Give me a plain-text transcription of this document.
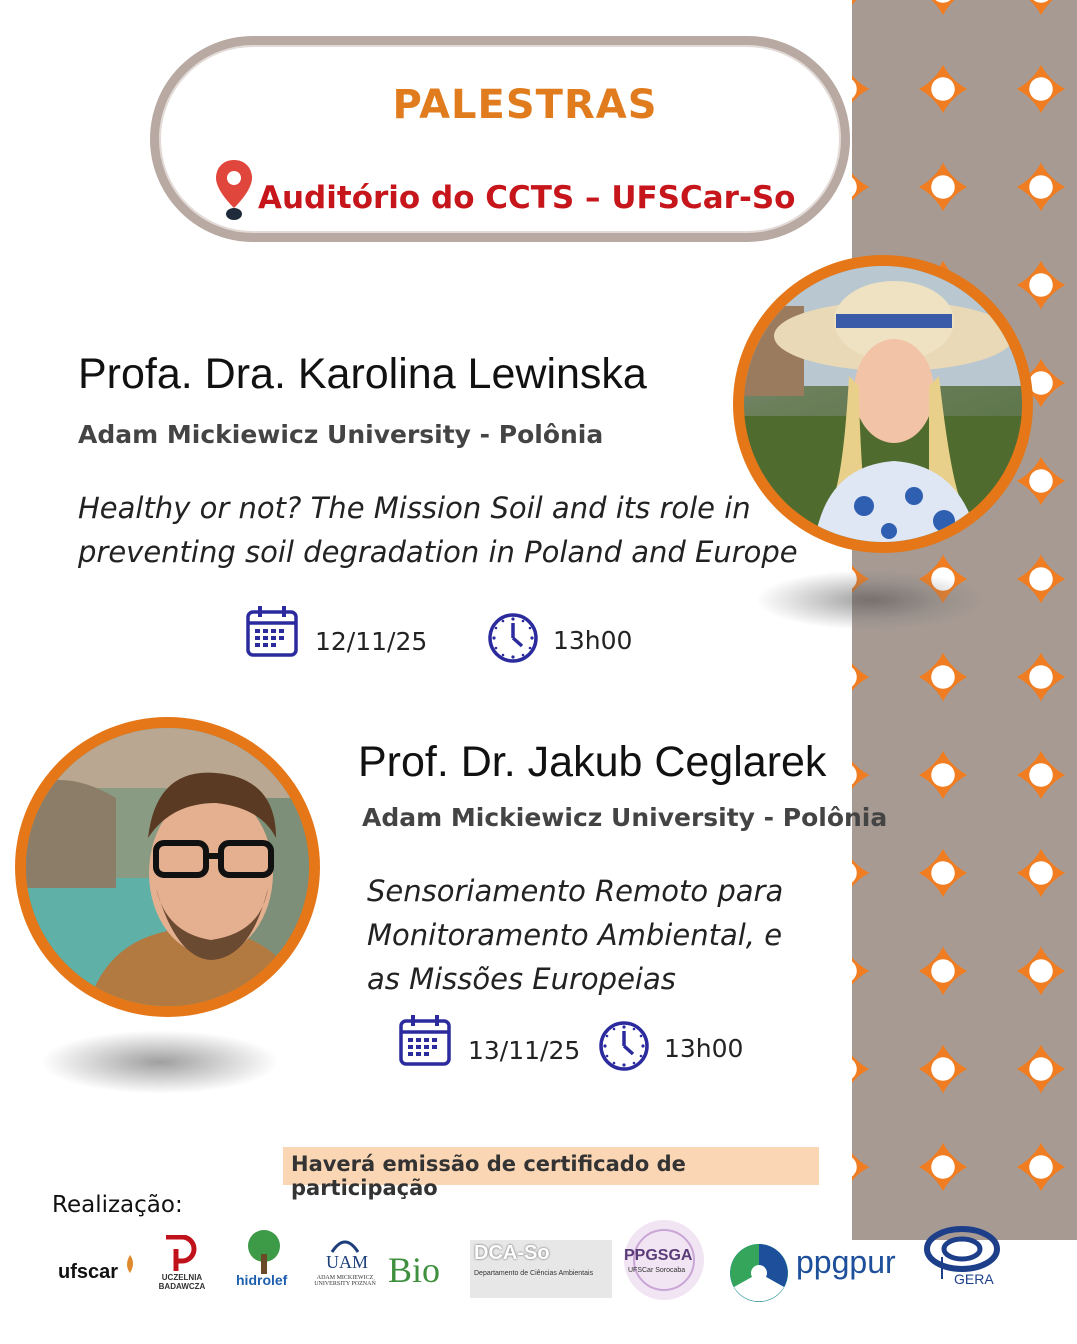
PALESTRAS
Auditório do CCTS – UFSCar-So
Profa. Dra. Karolina Lewinska
Adam Mickiewicz University - Polônia
Healthy or not? The Mission Soil and its role in
preventing soil degradation in Poland and Europe
12/11/25	13h00
Prof. Dr. Jakub Ceglarek
Adam Mickiewicz University - Polônia
Sensoriamento Remoto para
Monitoramento Ambiental, e
as Missões Europeias
13/11/25	13h00
Haverá emissão de certificado de participação
Realização:
ufscar	UCZELNIA BADAWCZA	hidrolef
UAM
ADAM MICKIEWICZ UNIVERSITY POZNAŃ Bio DCA-So
Departamento de Ciências Ambientais
PPGSGA
UFSCar Sorocaba	ppgpur	GERA
